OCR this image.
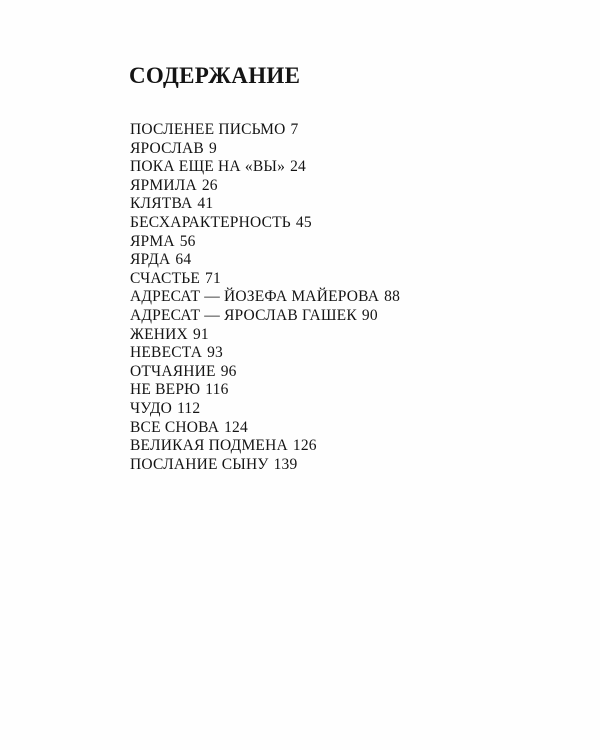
СОДЕРЖАНИЕ
ПОСЛЕНЕЕ ПИСЬМО 7
ЯРОСЛАВ 9
ПОКА ЕЩЕ НА «ВЫ» 24
ЯРМИЛА 26
КЛЯТВА 41
БЕСХАРАКТЕРНОСТЬ 45
ЯРМА 56
ЯРДА 64
СЧАСТЬЕ 71
АДРЕСАТ — ЙОЗЕФА МАЙЕРОВА 88
АДРЕСАТ — ЯРОСЛАВ ГАШЕК 90
ЖЕНИХ 91
НЕВЕСТА 93
ОТЧАЯНИЕ 96
НЕ ВЕРЮ 116
ЧУДО 112
ВСЕ СНОВА 124
ВЕЛИКАЯ ПОДМЕНА 126
ПОСЛАНИЕ СЫНУ 139
